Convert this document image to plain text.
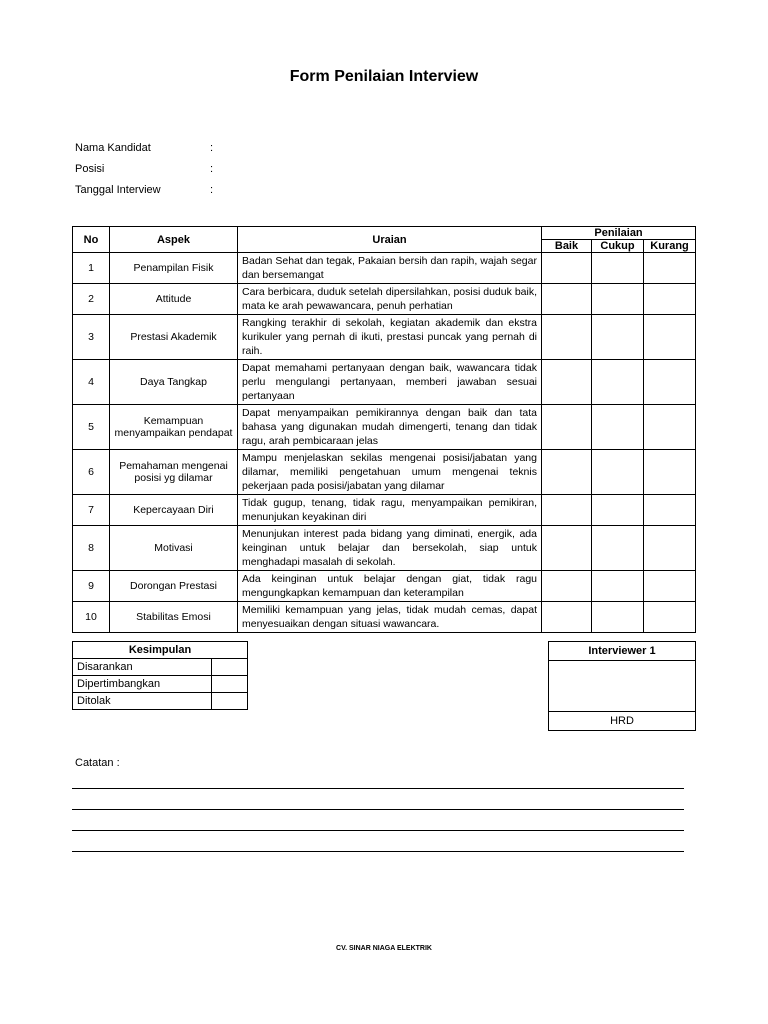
Form Penilaian Interview
Nama Kandidat	:
Posisi	:
Tanggal Interview	:
No	Aspek	Uraian	Penilaian		
			Baik	Cukup	Kurang
1	Penampilan Fisik	Badan Sehat dan tegak, Pakaian bersih dan rapih, wajah segar dan bersemangat			
2	Attitude	Cara berbicara, duduk setelah dipersilahkan, posisi duduk baik, mata ke arah pewawancara, penuh perhatian			
3	Prestasi Akademik	Rangking terakhir di sekolah, kegiatan akademik dan ekstra kurikuler yang pernah di ikuti, prestasi puncak yang pernah di raih.			
4	Daya Tangkap	Dapat memahami pertanyaan dengan baik, wawancara tidak perlu mengulangi pertanyaan, memberi jawaban sesuai pertanyaan			
5	Kemampuan menyampaikan pendapat	Dapat menyampaikan pemikirannya dengan baik dan tata bahasa yang digunakan mudah dimengerti, tenang dan tidak ragu, arah pembicaraan jelas			
6	Pemahaman mengenai posisi yg dilamar	Mampu menjelaskan sekilas mengenai posisi/jabatan yang dilamar, memiliki pengetahuan umum mengenai teknis pekerjaan pada posisi/jabatan yang dilamar			
7	Kepercayaan Diri	Tidak gugup, tenang, tidak ragu, menyampaikan pemikiran, menunjukan keyakinan diri			
8	Motivasi	Menunjukan interest pada bidang yang diminati, energik, ada keinginan untuk belajar dan bersekolah, siap untuk menghadapi masalah di sekolah.			
9	Dorongan Prestasi	Ada keinginan untuk belajar dengan giat, tidak ragu mengungkapkan kemampuan dan keterampilan			
10	Stabilitas Emosi	Memiliki kemampuan yang jelas, tidak mudah cemas, dapat menyesuaikan dengan situasi wawancara.			
Kesimpulan	
Disarankan	
Dipertimbangkan	
Ditolak	
Interviewer 1
HRD
Catatan :
CV. SINAR NIAGA ELEKTRIK
